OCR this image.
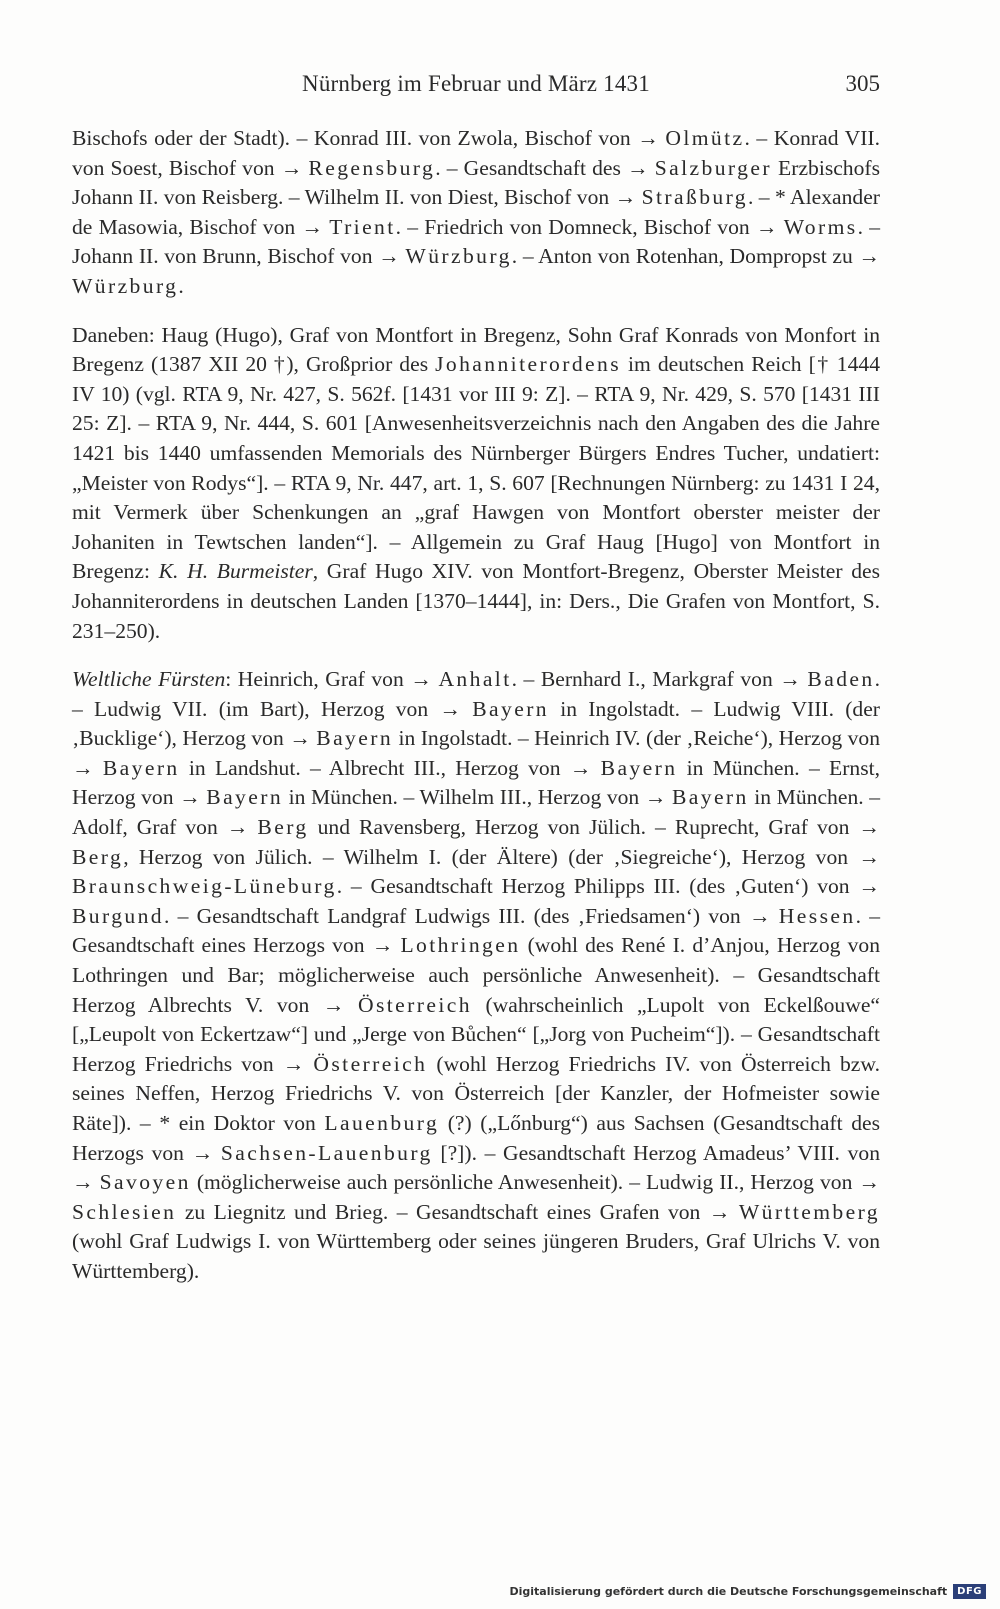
Nürnberg im Februar und März 1431	305

Bischofs oder der Stadt). – Konrad III. von Zwola, Bischof von → Olmütz. – Konrad VII. von Soest, Bischof von → Regensburg. – Gesandtschaft des → Salzburger Erzbischofs Johann II. von Reisberg. – Wilhelm II. von Diest, Bischof von → Straßburg. – * Alexander de Masowia, Bischof von → Trient. – Friedrich von Domneck, Bischof von → Worms. – Johann II. von Brunn, Bischof von → Würzburg. – Anton von Rotenhan, Dompropst zu → Würzburg.

Daneben: Haug (Hugo), Graf von Montfort in Bregenz, Sohn Graf Konrads von Monfort in Bregenz (1387 XII 20 †), Großprior des Johanniterordens im deutschen Reich [† 1444 IV 10) (vgl. RTA 9, Nr. 427, S. 562f. [1431 vor III 9: Z]. – RTA 9, Nr. 429, S. 570 [1431 III 25: Z]. – RTA 9, Nr. 444, S. 601 [Anwesenheitsverzeichnis nach den Angaben des die Jahre 1421 bis 1440 umfassenden Memorials des Nürnberger Bürgers Endres Tucher, undatiert: „Meister von Rodys“]. – RTA 9, Nr. 447, art. 1, S. 607 [Rechnungen Nürnberg: zu 1431 I 24, mit Vermerk über Schenkungen an „graf Hawgen von Montfort oberster meister der Johaniten in Tewtschen landen“]. – Allgemein zu Graf Haug [Hugo] von Montfort in Bregenz: K. H. Burmeister, Graf Hugo XIV. von Montfort-Bregenz, Oberster Meister des Johanniterordens in deutschen Landen [1370–1444], in: Ders., Die Grafen von Montfort, S. 231–250).

Weltliche Fürsten: Heinrich, Graf von → Anhalt. – Bernhard I., Markgraf von → Baden. – Ludwig VII. (im Bart), Herzog von → Bayern in Ingolstadt. – Ludwig VIII. (der ‚Bucklige‘), Herzog von → Bayern in Ingolstadt. – Heinrich IV. (der ‚Reiche‘), Herzog von → Bayern in Landshut. – Albrecht III., Herzog von → Bayern in München. – Ernst, Herzog von → Bayern in München. – Wilhelm III., Herzog von → Bayern in München. – Adolf, Graf von → Berg und Ravensberg, Herzog von Jülich. – Ruprecht, Graf von → Berg, Herzog von Jülich. – Wilhelm I. (der Ältere) (der ‚Siegreiche‘), Herzog von → Braunschweig-Lüneburg. – Gesandtschaft Herzog Philipps III. (des ‚Guten‘) von → Burgund. – Gesandtschaft Landgraf Ludwigs III. (des ‚Friedsamen‘) von → Hessen. – Gesandtschaft eines Herzogs von → Lothringen (wohl des René I. d’Anjou, Herzog von Lothringen und Bar; möglicherweise auch persönliche Anwesenheit). – Gesandtschaft Herzog Albrechts V. von → Österreich (wahrscheinlich „Lupolt von Eckelßouwe“ [„Leupolt von Eckertzaw“] und „Jerge von Bůchen“ [„Jorg von Pucheim“]). – Gesandtschaft Herzog Friedrichs von → Österreich (wohl Herzog Friedrichs IV. von Österreich bzw. seines Neffen, Herzog Friedrichs V. von Österreich [der Kanzler, der Hofmeister sowie Räte]). – * ein Doktor von Lauenburg (?) („Lőnburg“) aus Sachsen (Gesandtschaft des Herzogs von → Sachsen-Lauenburg [?]). – Gesandtschaft Herzog Amadeus’ VIII. von → Savoyen (möglicherweise auch persönliche Anwesenheit). – Ludwig II., Herzog von → Schlesien zu Liegnitz und Brieg. – Gesandtschaft eines Grafen von → Württemberg (wohl Graf Ludwigs I. von Württemberg oder seines jüngeren Bruders, Graf Ulrichs V. von Württemberg).

Digitalisierung gefördert durch die Deutsche Forschungsgemeinschaft	DFG
